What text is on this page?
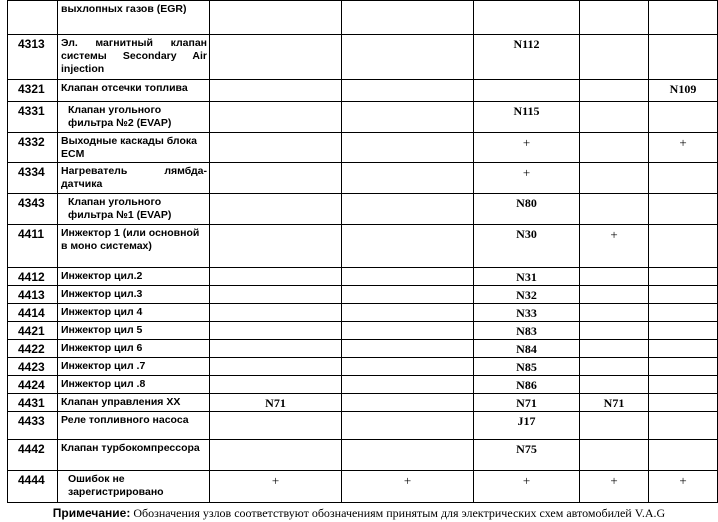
	выхлопных газов (EGR)					
4313	Эл. магнитный клапан системы Secondary Air injection			N112		
4321	Клапан отсечки топлива					N109
4331	Клапан угольного фильтра №2 (EVAP)			N115		
4332	Выходные каскады блока ECM			+		+
4334	Нагреватель лямбда-датчика			+		
4343	Клапан угольного фильтра №1 (EVAP)			N80		
4411	Инжектор 1 (или основной в моно системах)			N30	+	
4412	Инжектор цил.2			N31		
4413	Инжектор цил.3			N32		
4414	Инжектор цил 4			N33		
4421	Инжектор цил 5			N83		
4422	Инжектор цил 6			N84		
4423	Инжектор цил .7			N85		
4424	Инжектор цил .8			N86		
4431	Клапан управления ХХ	N71		N71	N71	
4433	Реле топливного насоса			J17		
4442	Клапан турбокомпрессора			N75		
4444	Ошибок не зарегистрировано	+	+	+	+	+
Примечание: Обозначения узлов соответствуют обозначениям принятым для электрических схем автомобилей V.A.G
